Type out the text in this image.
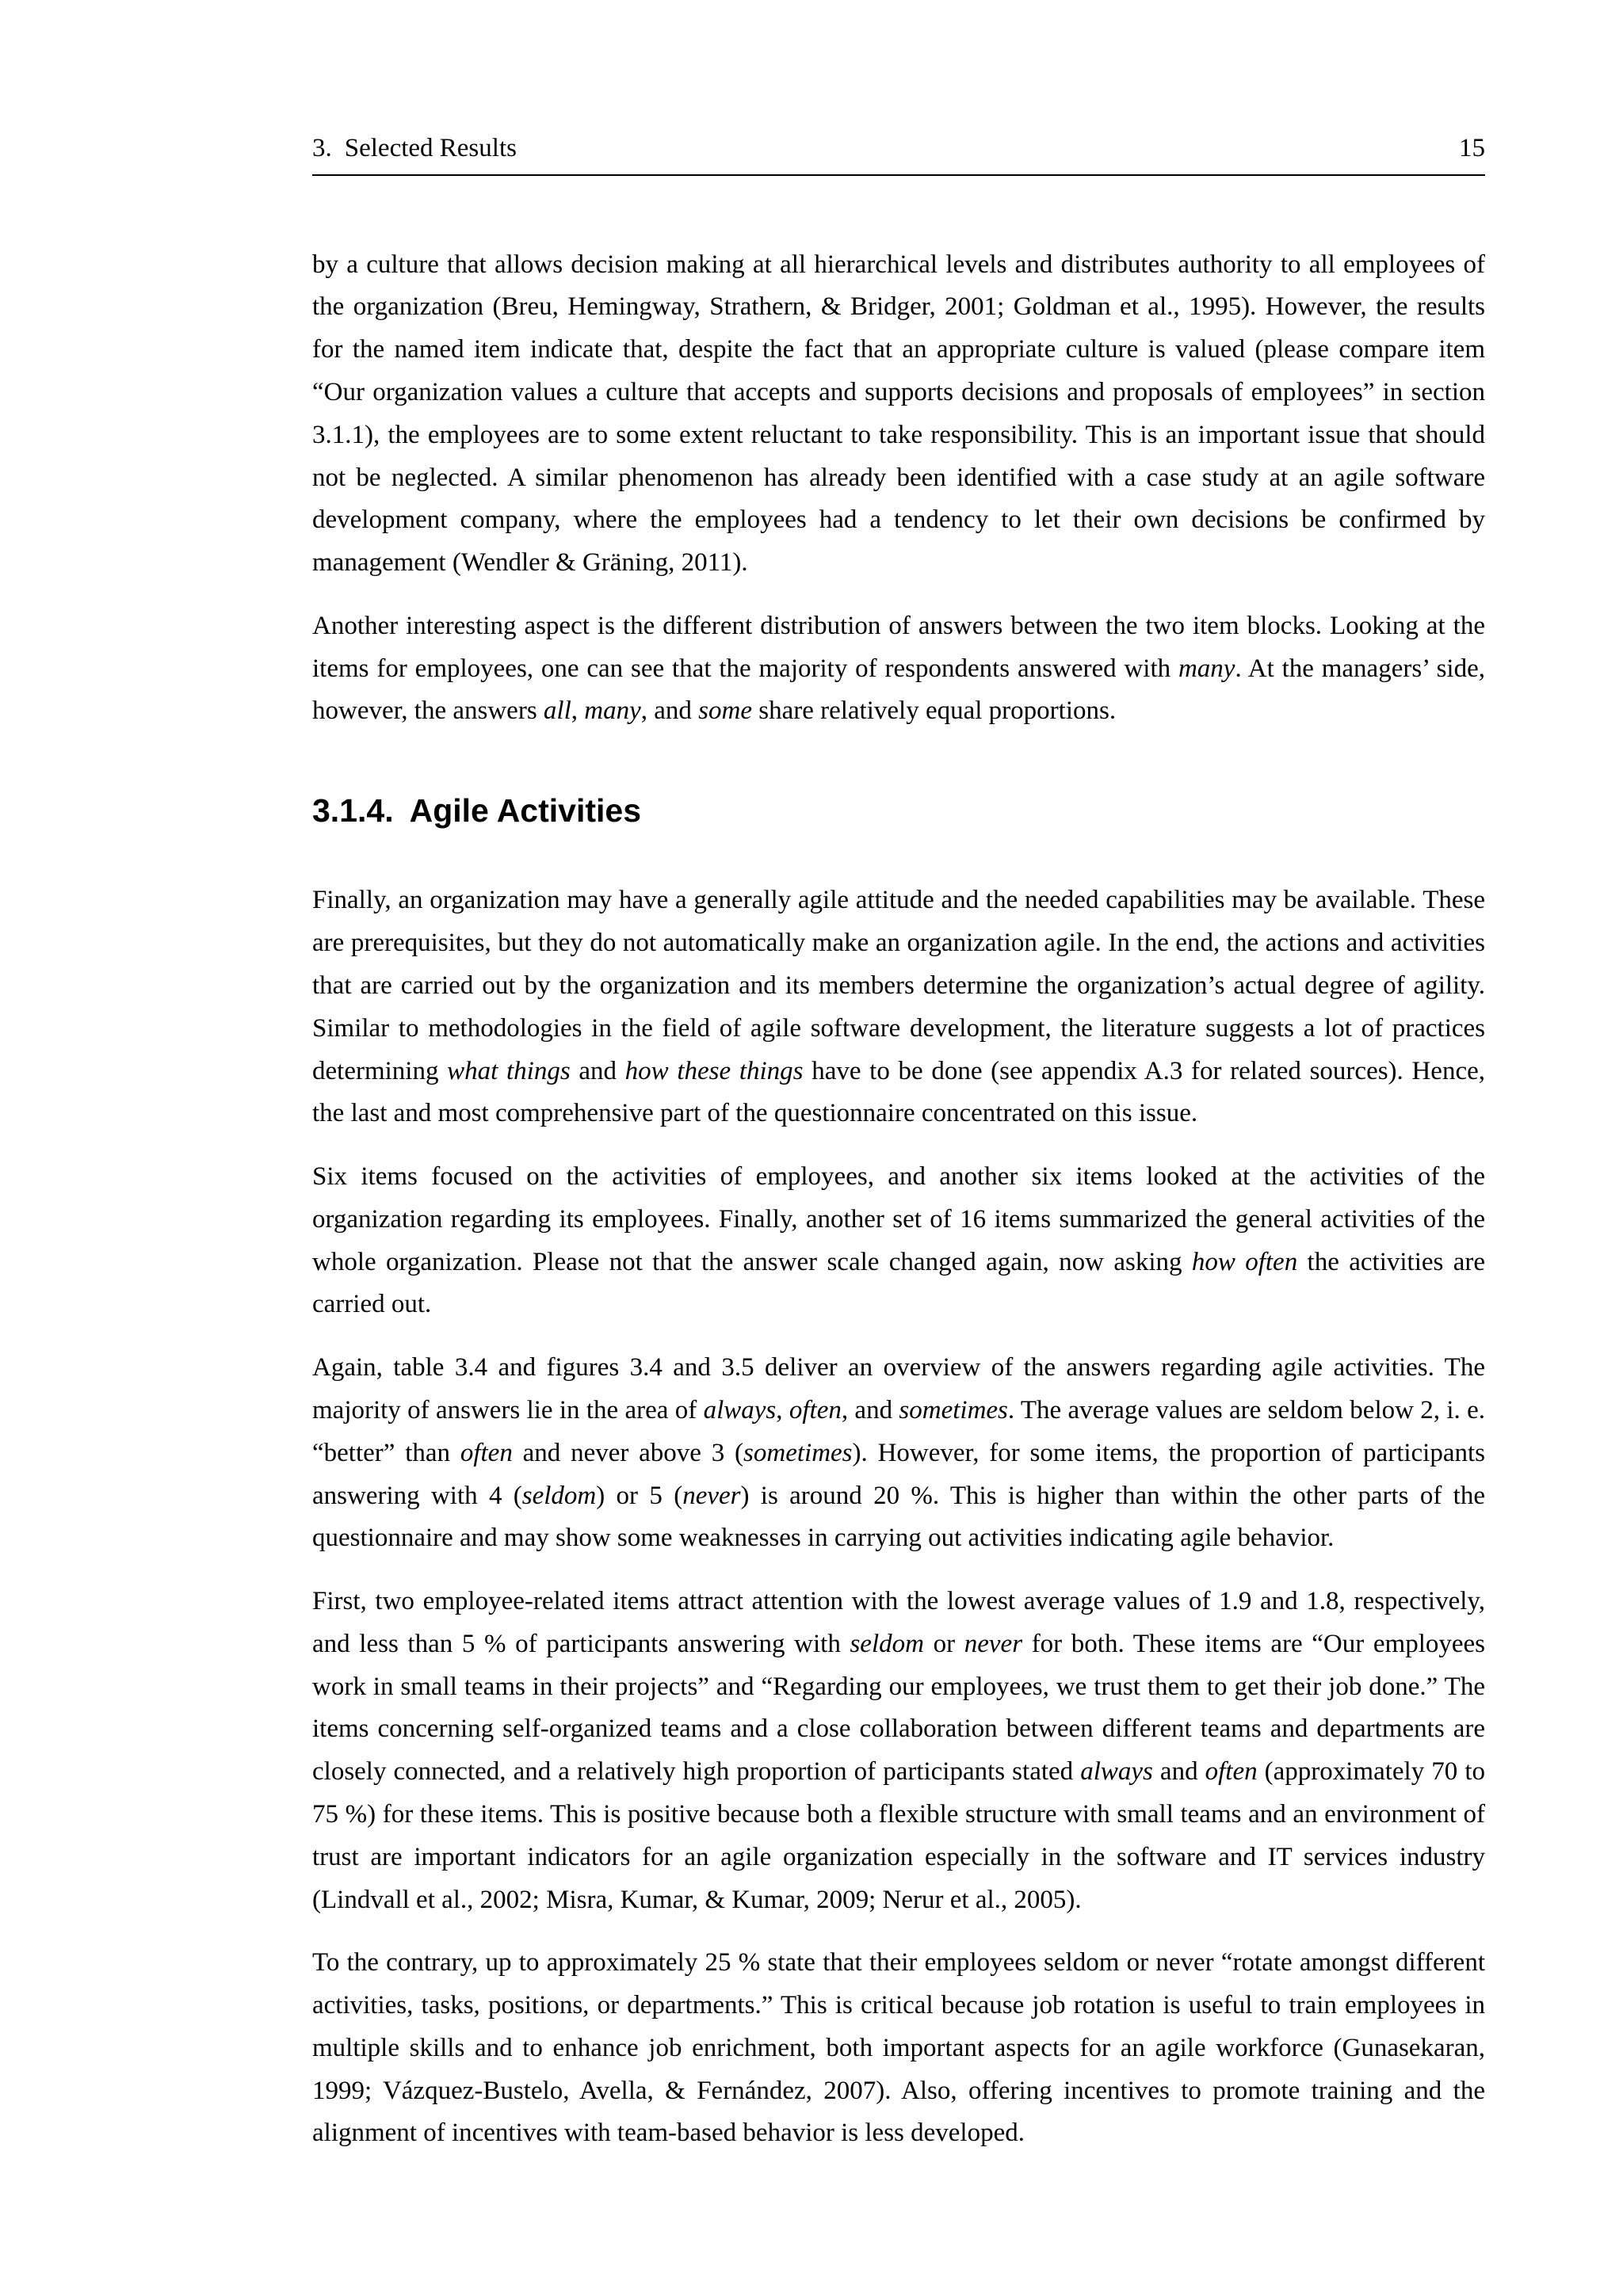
3. Selected Results	15

by a culture that allows decision making at all hierarchical levels and distributes authority to all employees of the organization (Breu, Hemingway, Strathern, & Bridger, 2001; Goldman et al., 1995). However, the results for the named item indicate that, despite the fact that an appropriate culture is valued (please compare item “Our organization values a culture that accepts and supports decisions and proposals of employees” in section 3.1.1), the employees are to some extent reluctant to take responsibility. This is an important issue that should not be neglected. A similar phenomenon has already been identified with a case study at an agile software development company, where the employees had a tendency to let their own decisions be confirmed by management (Wendler & Gräning, 2011).

Another interesting aspect is the different distribution of answers between the two item blocks. Looking at the items for employees, one can see that the majority of respondents answered with many. At the managers’ side, however, the answers all, many, and some share relatively equal proportions.

3.1.4. Agile Activities

Finally, an organization may have a generally agile attitude and the needed capabilities may be available. These are prerequisites, but they do not automatically make an organization agile. In the end, the actions and activities that are carried out by the organization and its members determine the organization’s actual degree of agility. Similar to methodologies in the field of agile software development, the literature suggests a lot of practices determining what things and how these things have to be done (see appendix A.3 for related sources). Hence, the last and most comprehensive part of the questionnaire concentrated on this issue.

Six items focused on the activities of employees, and another six items looked at the activities of the organization regarding its employees. Finally, another set of 16 items summarized the general activities of the whole organization. Please not that the answer scale changed again, now asking how often the activities are carried out.

Again, table 3.4 and figures 3.4 and 3.5 deliver an overview of the answers regarding agile activities. The majority of answers lie in the area of always, often, and sometimes. The average values are seldom below 2, i. e. “better” than often and never above 3 (sometimes). However, for some items, the proportion of participants answering with 4 (seldom) or 5 (never) is around 20 %. This is higher than within the other parts of the questionnaire and may show some weaknesses in carrying out activities indicating agile behavior.

First, two employee-related items attract attention with the lowest average values of 1.9 and 1.8, respectively, and less than 5 % of participants answering with seldom or never for both. These items are “Our employees work in small teams in their projects” and “Regarding our employees, we trust them to get their job done.” The items concerning self-organized teams and a close collaboration between different teams and departments are closely connected, and a relatively high proportion of participants stated always and often (approximately 70 to 75 %) for these items. This is positive because both a flexible structure with small teams and an environment of trust are important indicators for an agile organization especially in the software and IT services industry (Lindvall et al., 2002; Misra, Kumar, & Kumar, 2009; Nerur et al., 2005).

To the contrary, up to approximately 25 % state that their employees seldom or never “rotate amongst different activities, tasks, positions, or departments.” This is critical because job rotation is useful to train employees in multiple skills and to enhance job enrichment, both important aspects for an agile workforce (Gunasekaran, 1999; Vázquez-Bustelo, Avella, & Fernández, 2007). Also, offering incentives to promote training and the alignment of incentives with team-based behavior is less developed.
